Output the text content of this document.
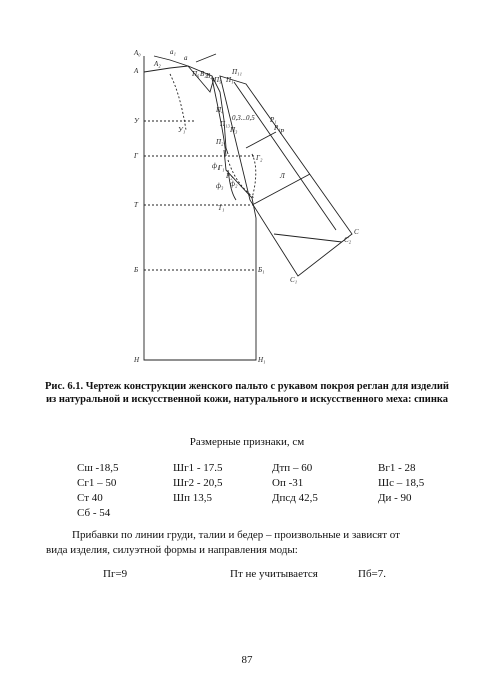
А₀
А
а₁
а
А₂
У
У₁
Г
Т	Т₁
Б	Б₁
Н	Н₁
Р
Р₁
Р₂
Г₁
Г₂
П₃
П₁₁
П₁
П₅
П₂
П₄
П₁₃
П₆ В₂ В₄
С
С₂
С₁
Р₁
Л
ф₁
ф₂
ф₃
0,3...0,5
Рис. 6.1. Чертеж конструкции женского пальто с рукавом покроя реглан для изделий из натуральной и искусственной кожи, натурального и искусственного меха: спинка
Размерные признаки, см
Сш -18,5	Шг1 - 17.5	Дтп – 60	Вг1 - 28
Сг1 – 50	Шг2 - 20,5	Оп -31	Шс – 18,5
Ст 40	Шп 13,5	Дпсд 42,5	Ди - 90
Сб - 54
Прибавки по линии груди, талии и бедер – произвольные и зависят от
вида изделия, силуэтной формы и направления моды:
Пг=9	Пт не учитывается	Пб=7.
87
